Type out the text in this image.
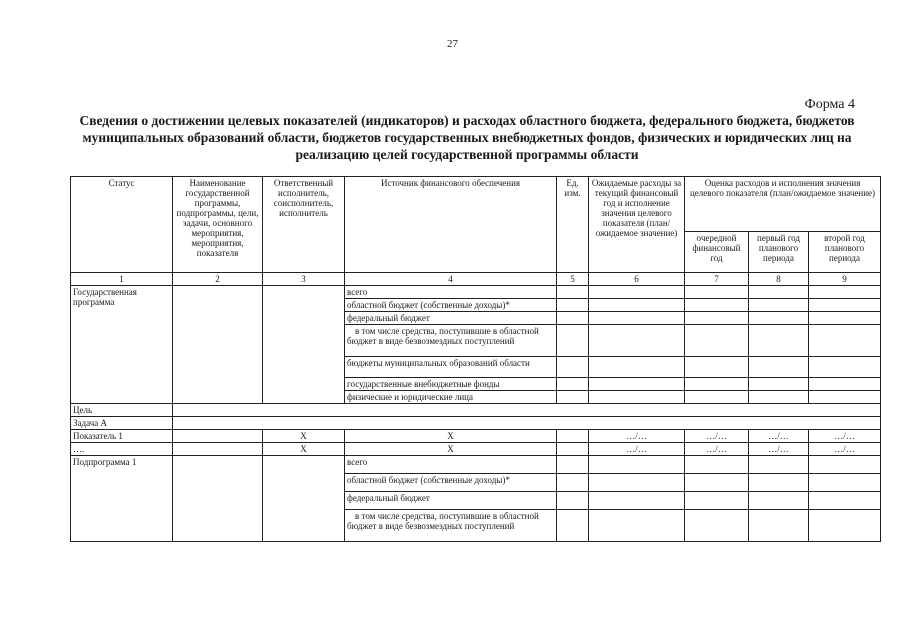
27
Форма 4
Сведения о достижении целевых показателей (индикаторов) и расходах областного бюджета, федерального бюджета, бюджетов муниципальных образований области, бюджетов государственных внебюджетных фондов, физических и юридических лиц на реализацию целей государственной программы области
Статус	Наименование государственной программы, подпрограммы, цели, задачи, основного мероприятия, мероприятия, показателя	Ответственный исполнитель, соисполнитель, исполнитель	Источник финансового обеспечения	Ед. изм.	Ожидаемые расходы за текущий финансовый год и исполнение значения целевого показателя (план/ожидаемое значение)	Оценка расходов и исполнения значения целевого показателя (план/ожидаемое значение)		
						очередной финансовый год	первый год планового периода	второй год планового периода
1	2	3	4	5	6	7	8	9
Государственная программа			всего					
			областной бюджет (собственные доходы)*					
			федеральный бюджет					
			в том числе средства, поступившие в областной бюджет в виде безвозмездных поступлений					
			бюджеты муниципальных образований области					
			государственные внебюджетные фонды					
			физические и юридические лица					
Цель								
Задача А								
Показатель 1		Х	Х		…/…	…/…	…/…	…/…
….		Х	Х		…/…	…/…	…/…	…/…
Подпрограмма 1			всего					
			областной бюджет (собственные доходы)*					
			федеральный бюджет					
			в том числе средства, поступившие в областной бюджет в виде безвозмездных поступлений					
